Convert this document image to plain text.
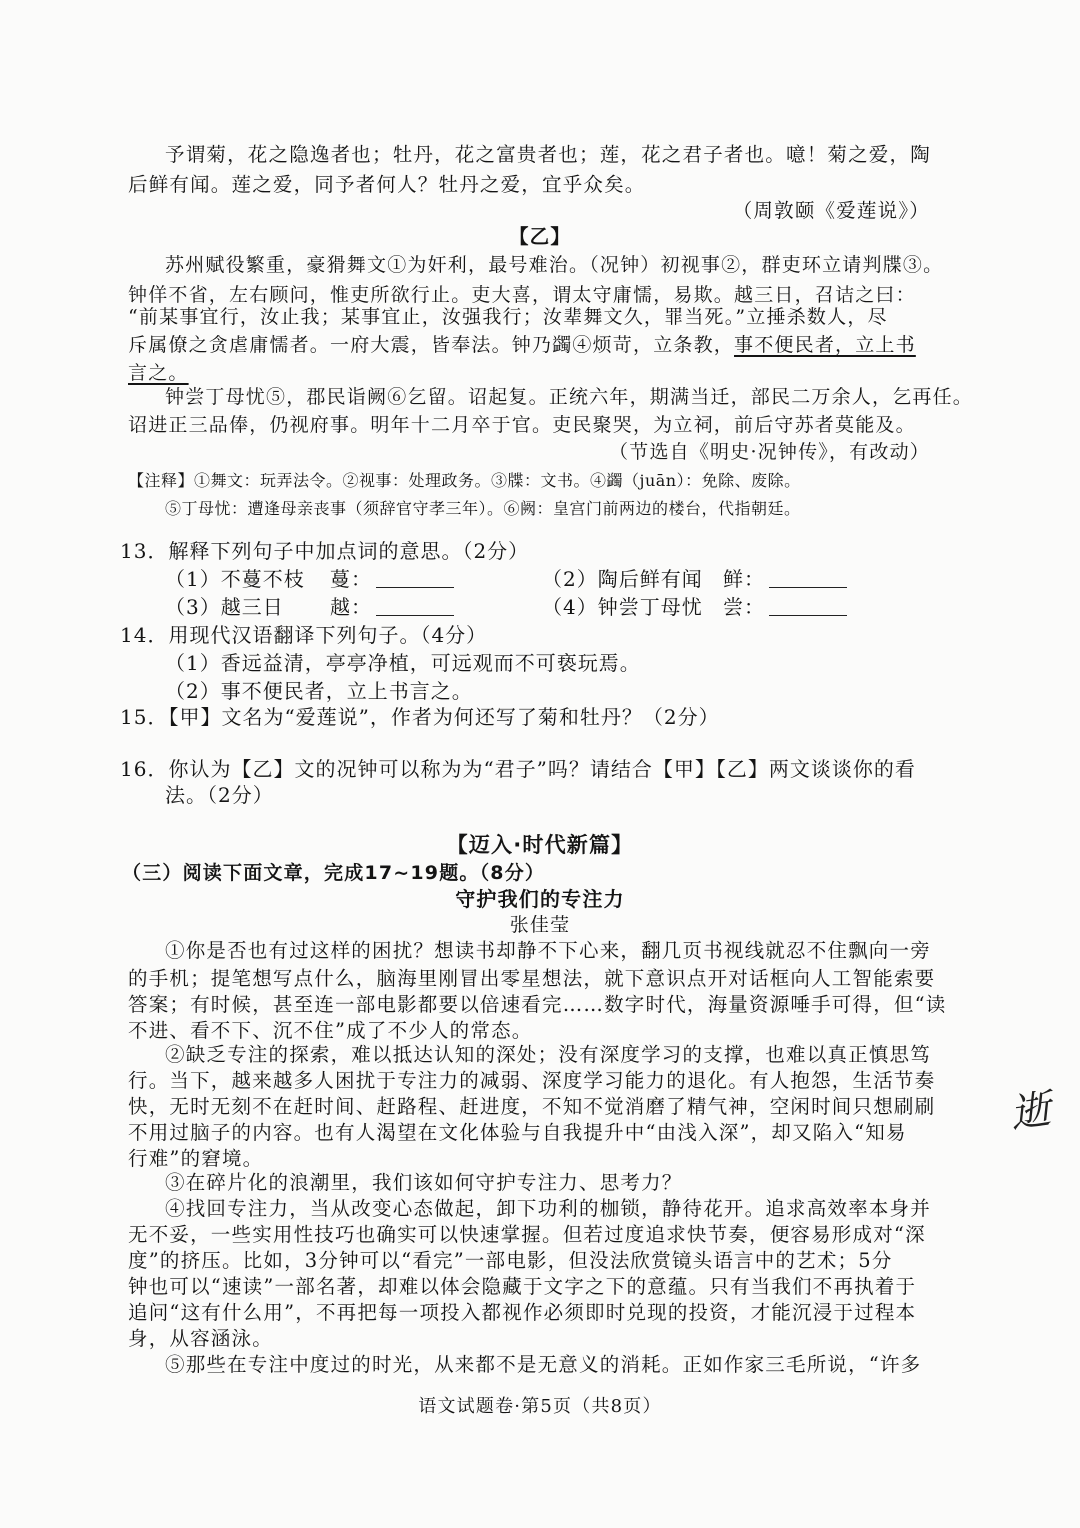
予谓菊，花之隐逸者也；牡丹，花之富贵者也；莲，花之君子者也。噫！菊之爱，陶
后鲜有闻。莲之爱，同予者何人？牡丹之爱，宜乎众矣。
（周敦颐《爱莲说》）
【乙】
苏州赋役繁重，豪猾舞文①为奸利，最号难治。（况钟）初视事②，群吏环立请判牒③。
钟佯不省，左右顾问，惟吏所欲行止。吏大喜，谓太守庸懦，易欺。越三日，召诘之曰：
“前某事宜行，汝止我；某事宜止，汝强我行；汝辈舞文久，罪当死。”立捶杀数人，尽
斥属僚之贪虐庸懦者。一府大震，皆奉法。钟乃蠲④烦苛，立条教，事不便民者，立上书
言之。
钟尝丁母忧⑤，郡民诣阙⑥乞留。诏起复。正统六年，期满当迁，部民二万余人，乞再任。
诏进正三品俸，仍视府事。明年十二月卒于官。吏民聚哭，为立祠，前后守苏者莫能及。
（节选自《明史·况钟传》，有改动）
【注释】①舞文：玩弄法令。②视事：处理政务。③牒：文书。④蠲（juān）：免除、废除。
⑤丁母忧：遭逢母亲丧事（须辞官守孝三年）。⑥阙：皇宫门前两边的楼台，代指朝廷。
13．解释下列句子中加点词的意思。（2分）
（1）不蔓不枝 蔓：	（2）陶后鲜有闻 鲜：
（3）越三日 越：	（4）钟尝丁母忧 尝：
14．用现代汉语翻译下列句子。（4分）
（1）香远益清，亭亭净植，可远观而不可亵玩焉。
（2）事不便民者，立上书言之。
15．【甲】文名为“爱莲说”，作者为何还写了菊和牡丹？（2分）
16．你认为【乙】文的况钟可以称为为“君子”吗？请结合【甲】【乙】两文谈谈你的看
法。（2分）
【迈入·时代新篇】
（三）阅读下面文章，完成17~19题。（8分）
守护我们的专注力
张佳莹
①你是否也有过这样的困扰？想读书却静不下心来，翻几页书视线就忍不住飘向一旁
的手机；提笔想写点什么，脑海里刚冒出零星想法，就下意识点开对话框向人工智能索要
答案；有时候，甚至连一部电影都要以倍速看完……数字时代，海量资源唾手可得，但“读
不进、看不下、沉不住”成了不少人的常态。
②缺乏专注的探索，难以抵达认知的深处；没有深度学习的支撑，也难以真正慎思笃
行。当下，越来越多人困扰于专注力的减弱、深度学习能力的退化。有人抱怨，生活节奏
快，无时无刻不在赶时间、赶路程、赶进度，不知不觉消磨了精气神，空闲时间只想刷刷
不用过脑子的内容。也有人渴望在文化体验与自我提升中“由浅入深”，却又陷入“知易
行难”的窘境。
③在碎片化的浪潮里，我们该如何守护专注力、思考力？
④找回专注力，当从改变心态做起，卸下功利的枷锁，静待花开。追求高效率本身并
无不妥，一些实用性技巧也确实可以快速掌握。但若过度追求快节奏，便容易形成对“深
度”的挤压。比如，3分钟可以“看完”一部电影，但没法欣赏镜头语言中的艺术；5分
钟也可以“速读”一部名著，却难以体会隐藏于文字之下的意蕴。只有当我们不再执着于
追问“这有什么用”，不再把每一项投入都视作必须即时兑现的投资，才能沉浸于过程本
身，从容涵泳。
⑤那些在专注中度过的时光，从来都不是无意义的消耗。正如作家三毛所说，“许多
语文试题卷·第5页（共8页）
逝
